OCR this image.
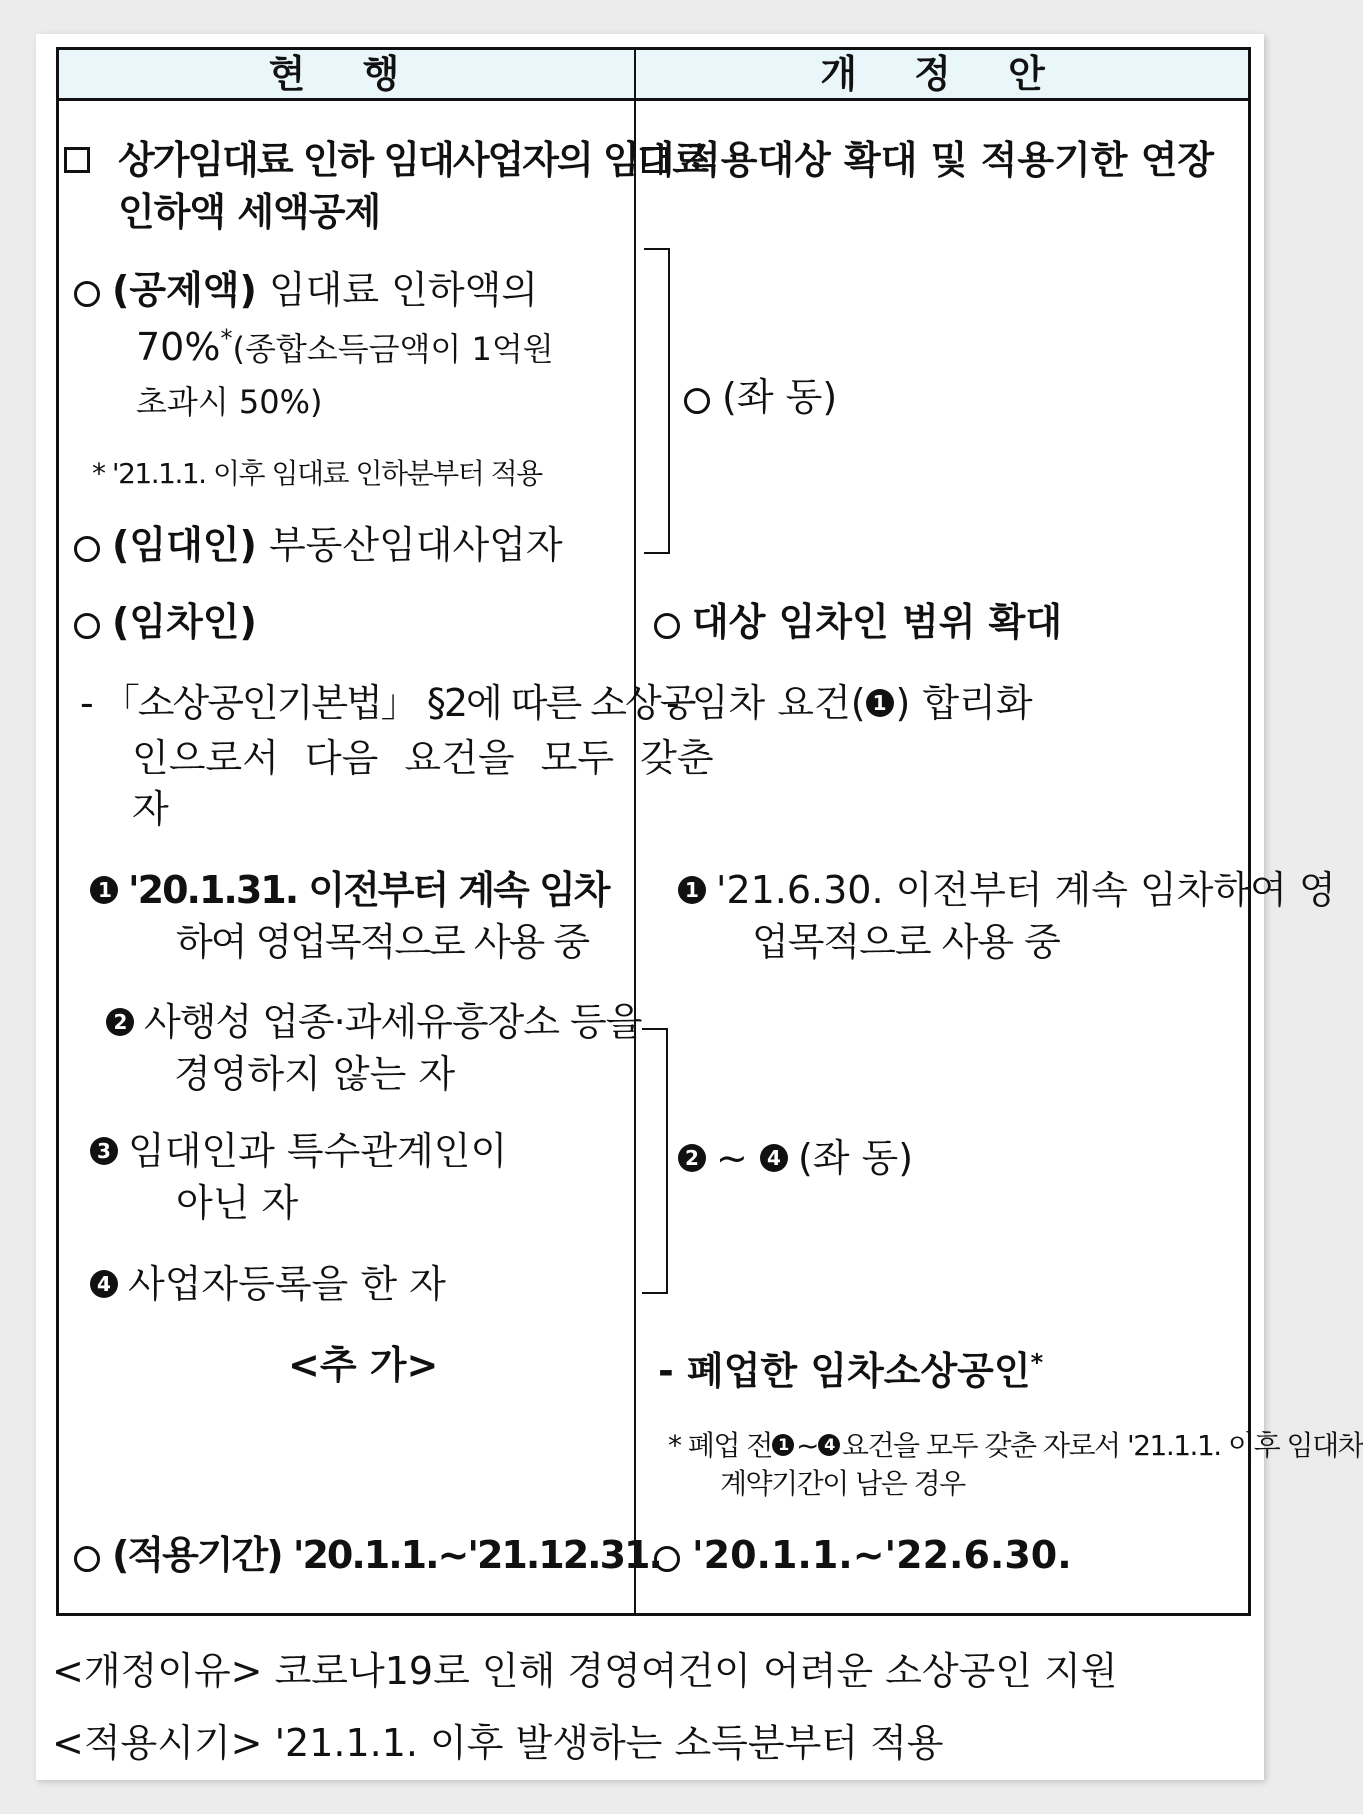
현 행	개 정 안
상가임대료 인하 임대사업자의 임대료
인하액 세액공제
(공제액) 임대료 인하액의
70%*(종합소득금액이 1억원
초과시 50%)
* '21.1.1. 이후 임대료 인하분부터 적용
(임대인) 부동산임대사업자
(임차인)
- 「소상공인기본법」 §2에 따른 소상공
인으로서 다음 요건을 모두 갖춘
자
1 '20.1.31. 이전부터 계속 임차
하여 영업목적으로 사용 중
2 사행성 업종·과세유흥장소 등을
경영하지 않는 자
3 임대인과 특수관계인이
아닌 자
4 사업자등록을 한 자
<추 가>
(적용기간) '20.1.1.~'21.12.31.
적용대상 확대 및 적용기한 연장
(좌 동)
대상 임차인 범위 확대
- 임차 요건( 1 ) 합리화
1 '21.6.30. 이전부터 계속 임차하여 영
업목적으로 사용 중
2 ~ 4 (좌 동)
- 폐업한 임차소상공인*
* 폐업 전 1 ~ 4 요건을 모두 갖춘 자로서 '21.1.1. 이후 임대차
계약기간이 남은 경우
'20.1.1.~'22.6.30.
<개정이유> 코로나19로 인해 경영여건이 어려운 소상공인 지원
<적용시기> '21.1.1. 이후 발생하는 소득분부터 적용
